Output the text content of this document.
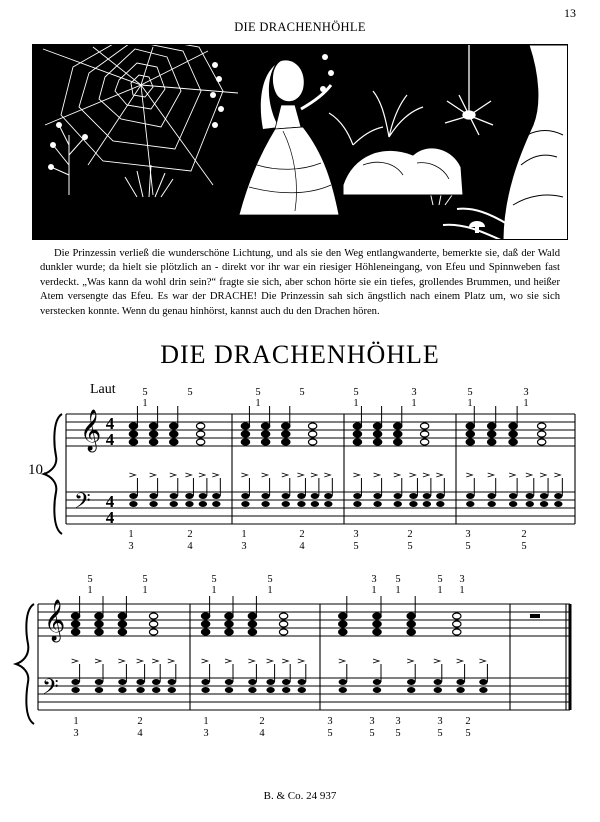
13
DIE DRACHENHÖHLE
M

Die Prinzessin verließ die wunderschöne Lichtung, und als sie den Weg entlangwanderte, bemerkte sie, daß der Wald dunkler wurde; da hielt sie plötzlich an - direkt vor ihr war ein riesiger Höhleneingang, von Efeu und Spinnweben fast verdeckt. „Was kann da wohl drin sein?“ fragte sie sich, aber schon hörte sie ein tiefes, grollendes Brummen, und heißer Atem versengte das Efeu. Es war der DRACHE! Die Prinzessin sah sich ängstlich nach einem Platz um, wo sie sich verstecken konnte. Wenn du genau hinhörst, kannst auch du den Drachen hören.

DIE DRACHENHÖHLE
Laut
10.
𝄞
𝄢
4
4
4
4
5
1
5	5
1
5	5
1
3
1
5
1
3
1
1
3
2
4
1
3
2
4
3
5
2
5
3
5
2
5
𝄞
𝄢
5
1
5
1
5
1
5
1
3
1
5
1
5
1
3
1
1
3
2
4
1
3
2
4
3
5
3
5
3
5
3
5
2
5
B. & Co. 24 937
